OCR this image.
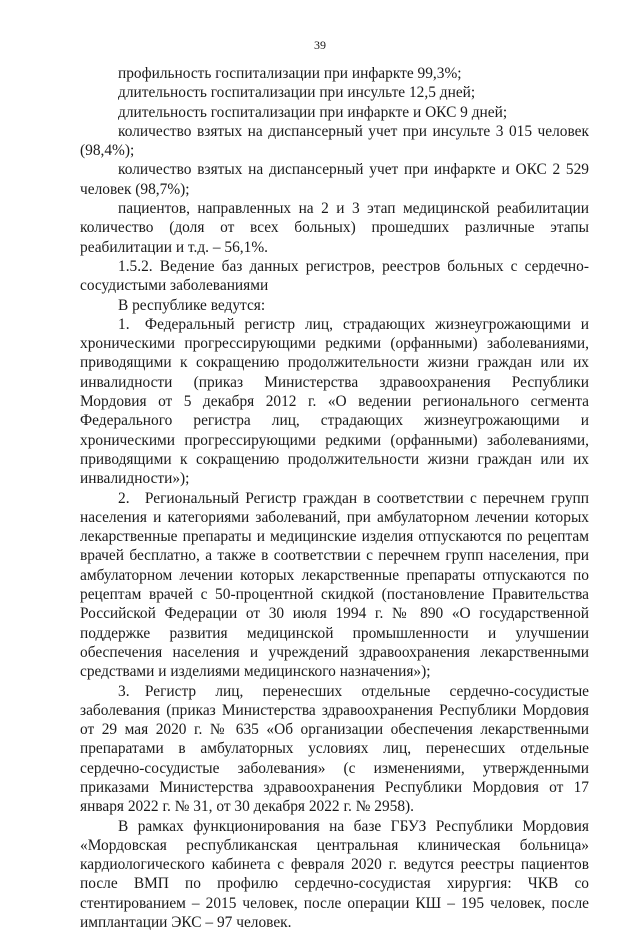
39

профильность госпитализации при инфаркте 99,3%;

длительность госпитализации при инсульте 12,5 дней;

длительность госпитализации при инфаркте и ОКС 9 дней;

количество взятых на диспансерный учет при инсульте 3 015 человек (98,4%);

количество взятых на диспансерный учет при инфаркте и ОКС 2 529 человек (98,7%);

пациентов, направленных на 2 и 3 этап медицинской реабилитации количество (доля от всех больных) прошедших различные этапы реабилитации и т.д. – 56,1%.

1.5.2. Ведение баз данных регистров, реестров больных с сердечно-сосудистыми заболеваниями

В республике ведутся:

1. Федеральный регистр лиц, страдающих жизнеугрожающими и хроническими прогрессирующими редкими (орфанными) заболеваниями, приводящими к сокращению продолжительности жизни граждан или их инвалидности (приказ Министерства здравоохранения Республики Мордовия от 5 декабря 2012 г. «О ведении регионального сегмента Федерального регистра лиц, страдающих жизнеугрожающими и хроническими прогрессирующими редкими (орфанными) заболеваниями, приводящими к сокращению продолжительности жизни граждан или их инвалидности»);

2. Региональный Регистр граждан в соответствии с перечнем групп населения и категориями заболеваний, при амбулаторном лечении которых лекарственные препараты и медицинские изделия отпускаются по рецептам врачей бесплатно, а также в соответствии с перечнем групп населения, при амбулаторном лечении которых лекарственные препараты отпускаются по рецептам врачей с 50-процентной скидкой (постановление Правительства Российской Федерации от 30 июля 1994 г. № 890 «О государственной поддержке развития медицинской промышленности и улучшении обеспечения населения и учреждений здравоохранения лекарственными средствами и изделиями медицинского назначения»);

3. Регистр лиц, перенесших отдельные сердечно-сосудистые заболевания (приказ Министерства здравоохранения Республики Мордовия от 29 мая 2020 г. № 635 «Об организации обеспечения лекарственными препаратами в амбулаторных условиях лиц, перенесших отдельные сердечно-сосудистые заболевания» (с изменениями, утвержденными приказами Министерства здравоохранения Республики Мордовия от 17 января 2022 г. № 31, от 30 декабря 2022 г. № 2958).

В рамках функционирования на базе ГБУЗ Республики Мордовия «Мордовская республиканская центральная клиническая больница» кардиологического кабинета с февраля 2020 г. ведутся реестры пациентов после ВМП по профилю сердечно-сосудистая хирургия: ЧКВ со стентированием – 2015 человек, после операции КШ – 195 человек, после имплантации ЭКС – 97 человек.
